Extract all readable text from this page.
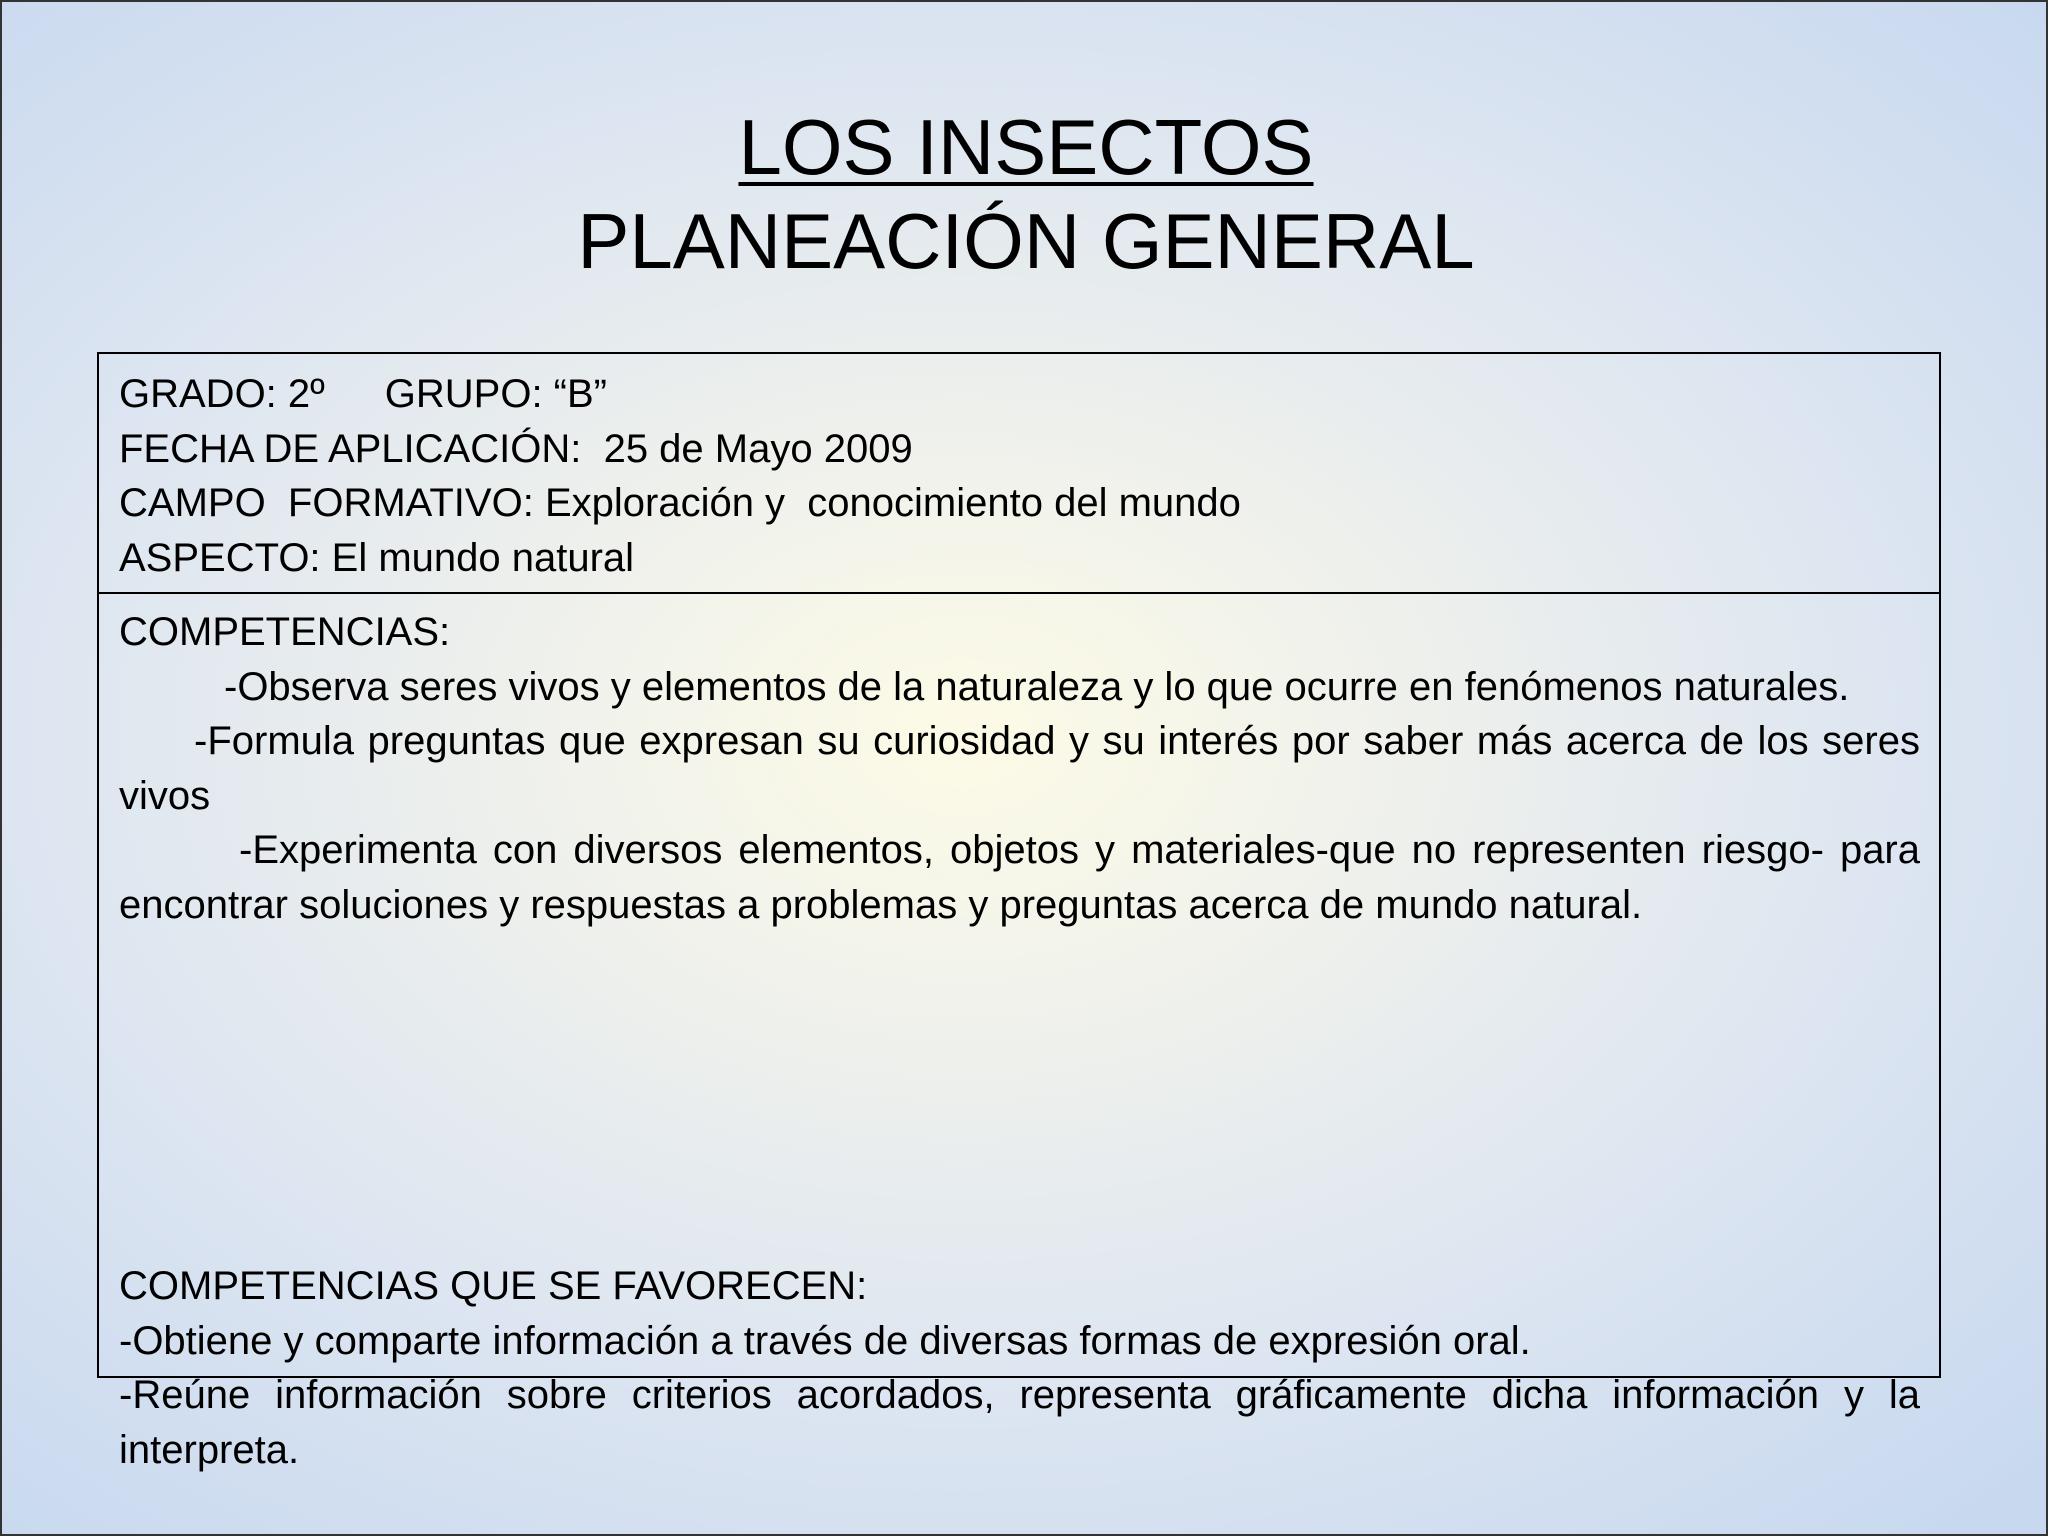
LOS INSECTOS
PLANEACIÓN GENERAL
GRADO: 2º GRUPO: “B”
FECHA DE APLICACIÓN:  25 de Mayo 2009
CAMPO  FORMATIVO: Exploración y  conocimiento del mundo
ASPECTO: El mundo natural
COMPETENCIAS:

-Observa seres vivos y elementos de la naturaleza y lo que ocurre en fenómenos naturales.

-Formula preguntas que expresan su curiosidad y su interés por saber más acerca de los seres vivos

-Experimenta con diversos elementos, objetos y materiales-que no representen riesgo- para encontrar soluciones y respuestas a problemas y preguntas acerca de mundo natural.

COMPETENCIAS QUE SE FAVORECEN:

-Obtiene y comparte información a través de diversas formas de expresión oral.

-Reúne información sobre criterios acordados, representa gráficamente dicha información y la interpreta.
